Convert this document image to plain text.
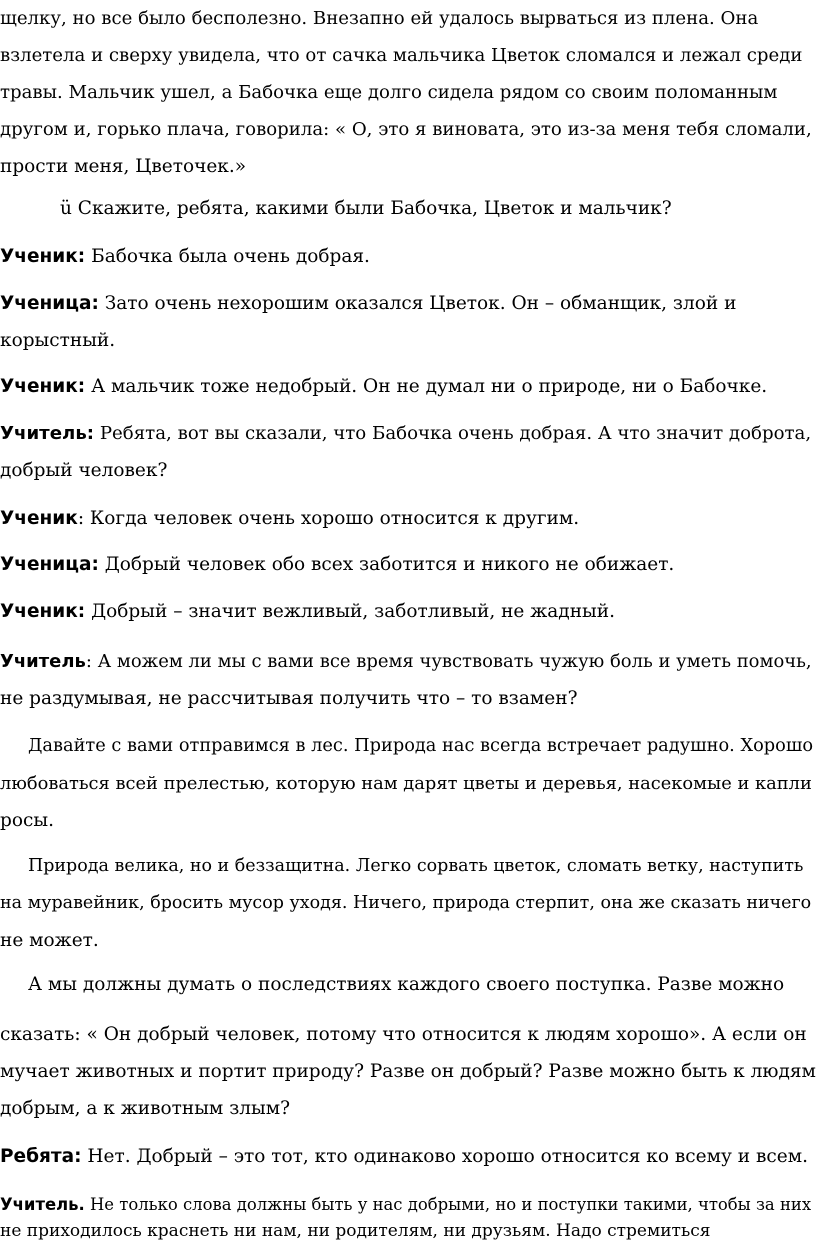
щелку, но все было бесполезно. Внезапно ей удалось вырваться из плена. Она
взлетела и сверху увидела, что от сачка мальчика Цветок сломался и лежал среди
травы. Мальчик ушел, а Бабочка еще долго сидела рядом со своим поломанным
другом и, горько плача, говорила: « О, это я виновата, это из-за меня тебя сломали,
прости меня, Цветочек.»
ü Скажите, ребята, какими были Бабочка, Цветок и мальчик?
Ученик: Бабочка была очень добрая.
Ученица: Зато очень нехорошим оказался Цветок. Он – обманщик, злой и
корыстный.
Ученик: А мальчик тоже недобрый. Он не думал ни о природе, ни о Бабочке.
Учитель: Ребята, вот вы сказали, что Бабочка очень добрая. А что значит доброта,
добрый человек?
Ученик: Когда человек очень хорошо относится к другим.
Ученица: Добрый человек обо всех заботится и никого не обижает.
Ученик: Добрый – значит вежливый, заботливый, не жадный.
Учитель: А можем ли мы с вами все время чувствовать чужую боль и уметь помочь,
не раздумывая, не рассчитывая получить что – то взамен?
Давайте с вами отправимся в лес. Природа нас всегда встречает радушно. Хорошо
любоваться всей прелестью, которую нам дарят цветы и деревья, насекомые и капли
росы.
Природа велика, но и беззащитна. Легко сорвать цветок, сломать ветку, наступить
на муравейник, бросить мусор уходя. Ничего, природа стерпит, она же сказать ничего
не может.
А мы должны думать о последствиях каждого своего поступка. Разве можно
сказать: « Он добрый человек, потому что относится к людям хорошо». А если он
мучает животных и портит природу? Разве он добрый? Разве можно быть к людям
добрым, а к животным злым?
Ребята: Нет. Добрый – это тот, кто одинаково хорошо относится ко всему и всем.
Учитель. Не только слова должны быть у нас добрыми, но и поступки такими, чтобы за них
не приходилось краснеть ни нам, ни родителям, ни друзьям. Надо стремиться
